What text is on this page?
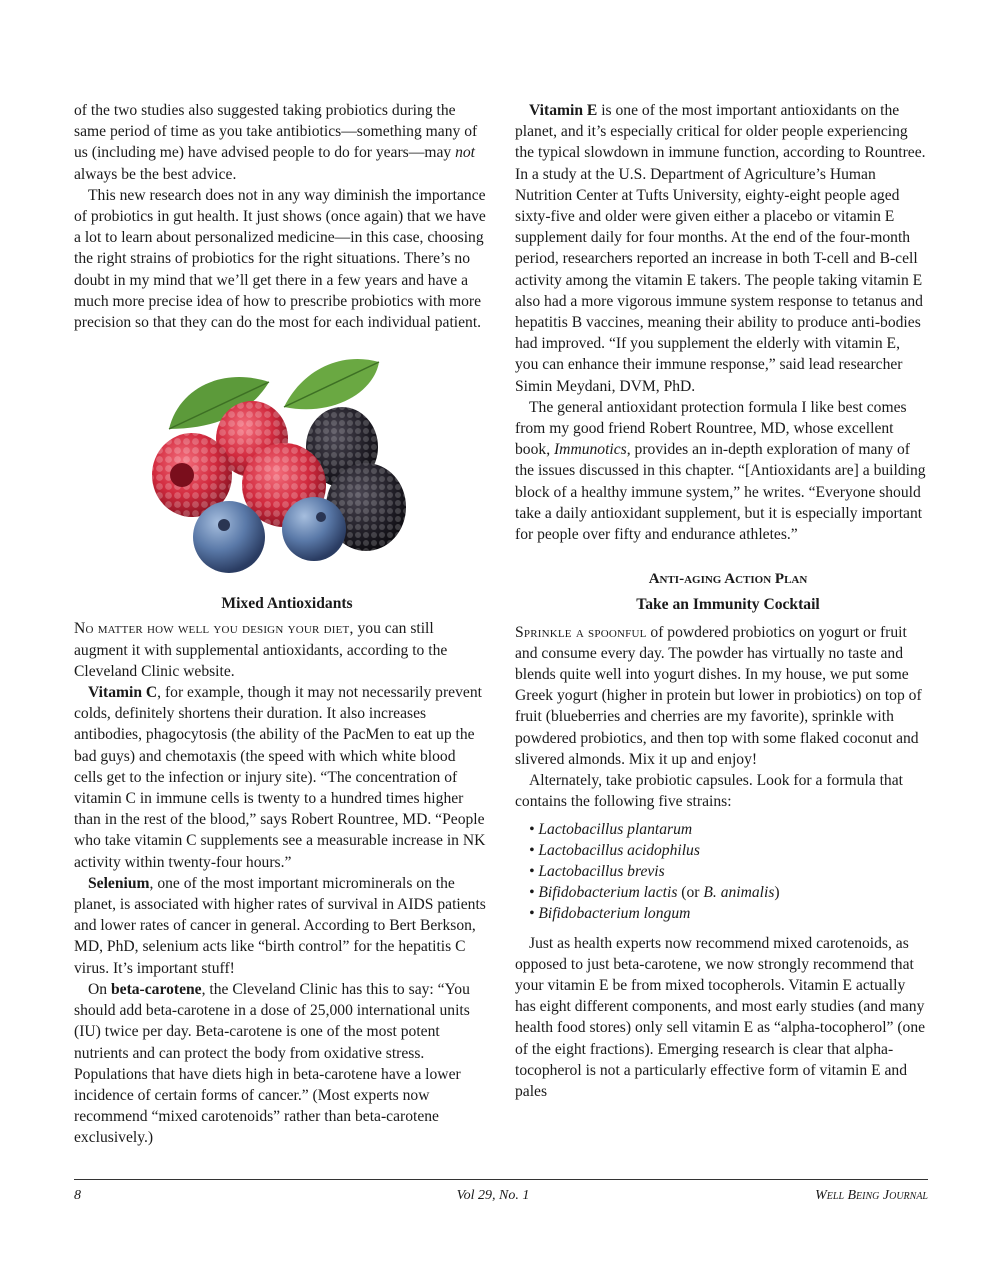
of the two studies also suggested taking probiotics during the same period of time as you take antibiotics—something many of us (including me) have advised people to do for years—may not always be the best advice.

This new research does not in any way diminish the importance of probiotics in gut health. It just shows (once again) that we have a lot to learn about personalized medicine—in this case, choosing the right strains of probiotics for the right situations. There’s no doubt in my mind that we’ll get there in a few years and have a much more precise idea of how to prescribe probiotics with more precision so that they can do the most for each individual patient.

Mixed Antioxidants

No matter how well you design your diet, you can still augment it with supplemental antioxidants, according to the Cleveland Clinic website.

Vitamin C, for example, though it may not necessarily prevent colds, definitely shortens their duration. It also increases antibodies, phagocytosis (the ability of the PacMen to eat up the bad guys) and chemotaxis (the speed with which white blood cells get to the infection or injury site). “The concentration of vitamin C in immune cells is twenty to a hundred times higher than in the rest of the blood,” says Robert Rountree, MD. “People who take vitamin C supplements see a measurable increase in NK activity within twenty-four hours.”

Selenium, one of the most important microminerals on the planet, is associated with higher rates of survival in AIDS patients and lower rates of cancer in general. According to Bert Berkson, MD, PhD, selenium acts like “birth control” for the hepatitis C virus. It’s important stuff!

On beta-carotene, the Cleveland Clinic has this to say: “You should add beta-carotene in a dose of 25,000 international units (IU) twice per day. Beta-carotene is one of the most potent nutrients and can protect the body from oxidative stress. Populations that have diets high in beta-carotene have a lower incidence of certain forms of cancer.” (Most experts now recommend “mixed carotenoids” rather than beta-carotene exclusively.)

Vitamin E is one of the most important antioxidants on the planet, and it’s especially critical for older people experiencing the typical slowdown in immune function, according to Rountree. In a study at the U.S. Department of Agriculture’s Human Nutrition Center at Tufts University, eighty-eight people aged sixty-five and older were given either a placebo or vitamin E supplement daily for four months. At the end of the four-month period, researchers reported an increase in both T-cell and B-cell activity among the vitamin E takers. The people taking vitamin E also had a more vigorous immune system response to tetanus and hepatitis B vaccines, meaning their ability to produce anti-bodies had improved. “If you supplement the elderly with vitamin E, you can enhance their immune response,” said lead researcher Simin Meydani, DVM, PhD.

The general antioxidant protection formula I like best comes from my good friend Robert Rountree, MD, whose excellent book, Immunotics, provides an in-depth exploration of many of the issues discussed in this chapter. “[Antioxidants are] a building block of a healthy immune system,” he writes. “Everyone should take a daily antioxidant supplement, but it is especially important for people over fifty and endurance athletes.”

Anti-aging Action Plan

Take an Immunity Cocktail

Sprinkle a spoonful of powdered probiotics on yogurt or fruit and consume every day. The powder has virtually no taste and blends quite well into yogurt dishes. In my house, we put some Greek yogurt (higher in protein but lower in probiotics) on top of fruit (blueberries and cherries are my favorite), sprinkle with powdered probiotics, and then top with some flaked coconut and slivered almonds. Mix it up and enjoy!

Alternately, take probiotic capsules. Look for a formula that contains the following five strains:

• Lactobacillus plantarum
• Lactobacillus acidophilus
• Lactobacillus brevis
• Bifidobacterium lactis (or B. animalis)
• Bifidobacterium longum

Just as health experts now recommend mixed carotenoids, as opposed to just beta-carotene, we now strongly recommend that your vitamin E be from mixed tocopherols. Vitamin E actually has eight different components, and most early studies (and many health food stores) only sell vitamin E as “alpha-tocopherol” (one of the eight fractions). Emerging research is clear that alpha-tocopherol is not a particularly effective form of vitamin E and pales

8	Vol 29, No. 1	Well Being Journal
